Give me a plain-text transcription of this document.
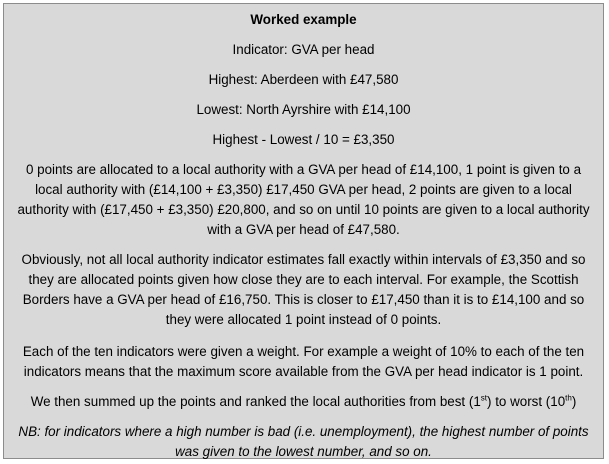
Worked example

Indicator: GVA per head

Highest: Aberdeen with £47,580

Lowest: North Ayrshire with £14,100

Highest - Lowest / 10 = £3,350

0 points are allocated to a local authority with a GVA per head of £14,100, 1 point is given to a local authority with (£14,100 + £3,350) £17,450 GVA per head, 2 points are given to a local authority with (£17,450 + £3,350) £20,800, and so on until 10 points are given to a local authority with a GVA per head of £47,580.

Obviously, not all local authority indicator estimates fall exactly within intervals of £3,350 and so they are allocated points given how close they are to each interval. For example, the Scottish Borders have a GVA per head of £16,750. This is closer to £17,450 than it is to £14,100 and so they were allocated 1 point instead of 0 points.

Each of the ten indicators were given a weight. For example a weight of 10% to each of the ten indicators means that the maximum score available from the GVA per head indicator is 1 point.

We then summed up the points and ranked the local authorities from best (1st) to worst (10th)

NB: for indicators where a high number is bad (i.e. unemployment), the highest number of points was given to the lowest number, and so on.
